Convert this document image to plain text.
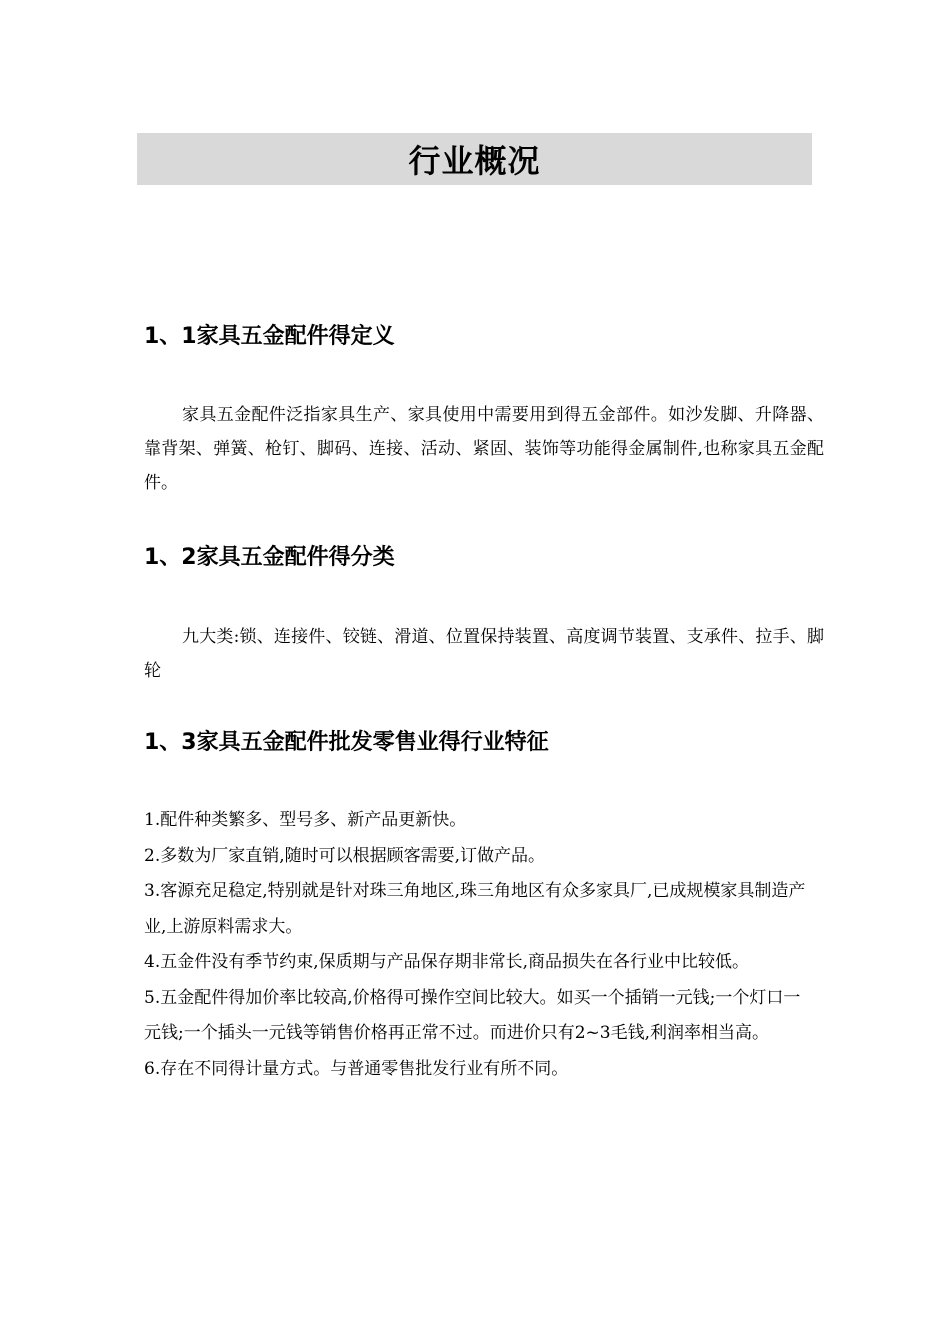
行业概况
1、1家具五金配件得定义
家具五金配件泛指家具生产、家具使用中需要用到得五金部件。如沙发脚、升降器、靠背架、弹簧、枪钉、脚码、连接、活动、紧固、装饰等功能得金属制件,也称家具五金配件。
1、2家具五金配件得分类
九大类:锁、连接件、铰链、滑道、位置保持装置、高度调节装置、支承件、拉手、脚轮
1、3家具五金配件批发零售业得行业特征
1.配件种类繁多、型号多、新产品更新快。
2.多数为厂家直销,随时可以根据顾客需要,订做产品。
3.客源充足稳定,特别就是针对珠三角地区,珠三角地区有众多家具厂,已成规模家具制造产业,上游原料需求大。
4.五金件没有季节约束,保质期与产品保存期非常长,商品损失在各行业中比较低。
5.五金配件得加价率比较高,价格得可操作空间比较大。如买一个插销一元钱;一个灯口一元钱;一个插头一元钱等销售价格再正常不过。而进价只有2~3毛钱,利润率相当高。
6.存在不同得计量方式。与普通零售批发行业有所不同。
